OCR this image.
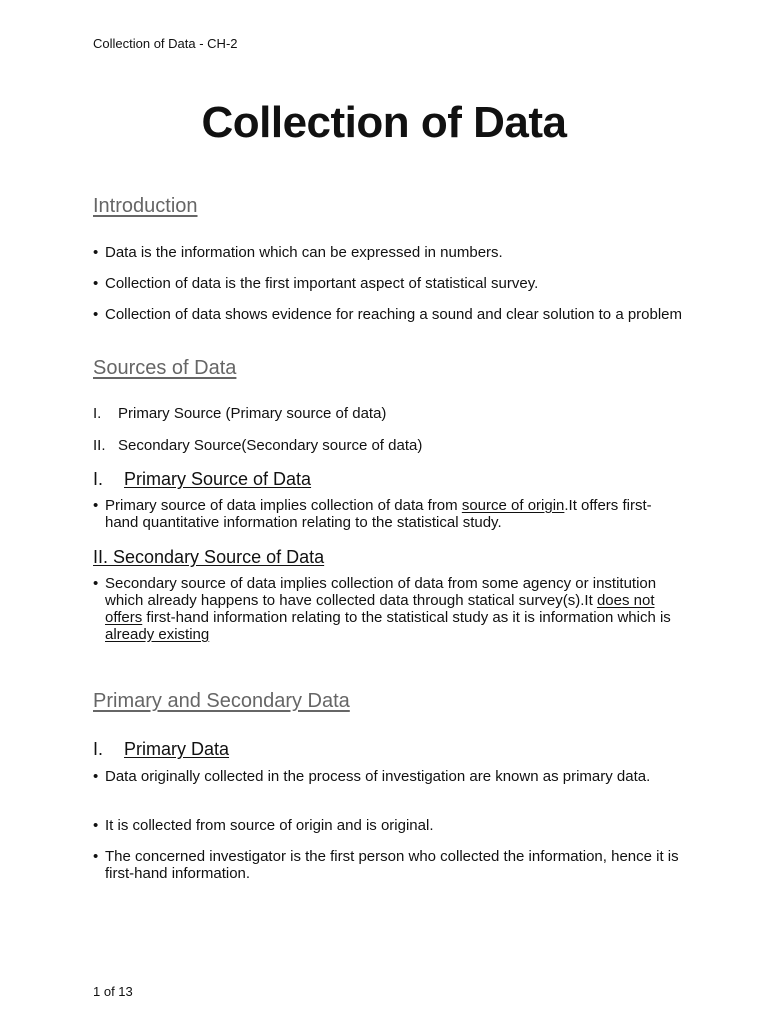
Collection of Data - CH-2
Collection of Data
Introduction
• Data is the information which can be expressed in numbers.
• Collection of data is the first important aspect of statistical survey.
• Collection of data shows evidence for reaching a sound and clear solution to a problem
Sources of Data
I. Primary Source (Primary source of data)
II. Secondary Source(Secondary source of data)
I. Primary Source of Data
• Primary source of data implies collection of data from source of origin.It offers first-hand quantitative information relating to the statistical study.
II. Secondary Source of Data
• Secondary source of data implies collection of data from some agency or institution which already happens to have collected data through statical survey(s).It does not offers first-hand information relating to the statistical study as it is information which is already existing
Primary and Secondary Data
I. Primary Data
• Data originally collected in the process of investigation are known as primary data.
• It is collected from source of origin and is original.
• The concerned investigator is the first person who collected the information, hence it is first-hand information.
1 of 13
